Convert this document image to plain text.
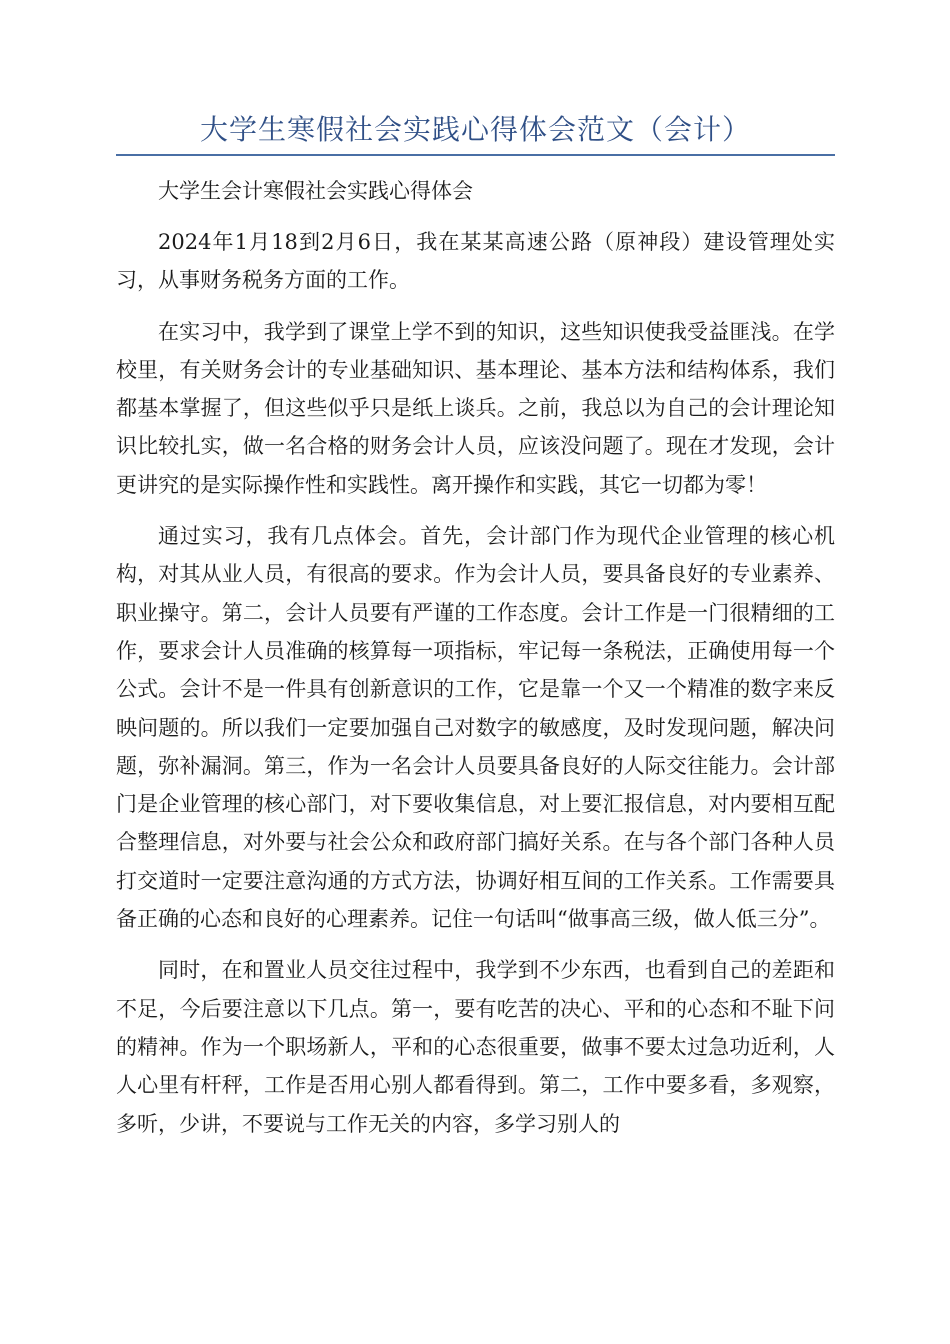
大学生寒假社会实践心得体会范文（会计）

大学生会计寒假社会实践心得体会

2024年1月18到2月6日，我在某某高速公路（原神段）建设管理处实习，从事财务税务方面的工作。

在实习中，我学到了课堂上学不到的知识，这些知识使我受益匪浅。在学校里，有关财务会计的专业基础知识、基本理论、基本方法和结构体系，我们都基本掌握了，但这些似乎只是纸上谈兵。之前，我总以为自己的会计理论知识比较扎实，做一名合格的财务会计人员，应该没问题了。现在才发现，会计更讲究的是实际操作性和实践性。离开操作和实践，其它一切都为零！

通过实习，我有几点体会。首先，会计部门作为现代企业管理的核心机构，对其从业人员，有很高的要求。作为会计人员，要具备良好的专业素养、职业操守。第二，会计人员要有严谨的工作态度。会计工作是一门很精细的工作，要求会计人员准确的核算每一项指标，牢记每一条税法，正确使用每一个公式。会计不是一件具有创新意识的工作，它是靠一个又一个精准的数字来反映问题的。所以我们一定要加强自己对数字的敏感度，及时发现问题，解决问题，弥补漏洞。第三，作为一名会计人员要具备良好的人际交往能力。会计部门是企业管理的核心部门，对下要收集信息，对上要汇报信息，对内要相互配合整理信息，对外要与社会公众和政府部门搞好关系。在与各个部门各种人员打交道时一定要注意沟通的方式方法，协调好相互间的工作关系。工作需要具备正确的心态和良好的心理素养。记住一句话叫“做事高三级，做人低三分”。

同时，在和置业人员交往过程中，我学到不少东西，也看到自己的差距和不足，今后要注意以下几点。第一，要有吃苦的决心、平和的心态和不耻下问的精神。作为一个职场新人，平和的心态很重要，做事不要太过急功近利，人人心里有杆秤，工作是否用心别人都看得到。第二，工作中要多看，多观察，多听，少讲，不要说与工作无关的内容，多学习别人的
